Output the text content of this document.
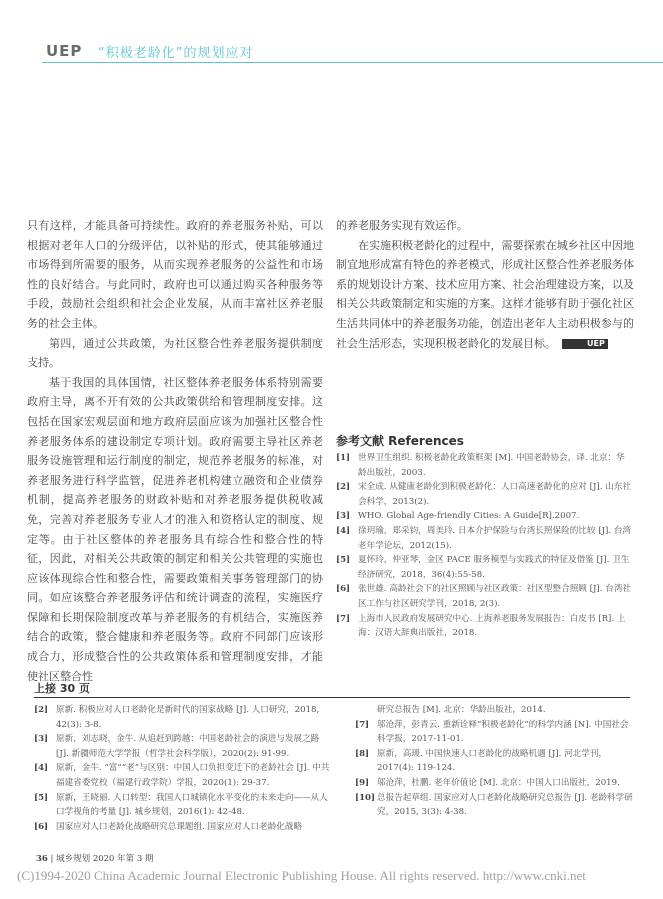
UEP “积极老龄化”的规划应对

只有这样，才能具备可持续性。政府的养老服务补贴，可以根据对老年人口的分级评估，以补贴的形式，使其能够通过市场得到所需要的服务，从而实现养老服务的公益性和市场性的良好结合。与此同时，政府也可以通过购买各种服务等手段，鼓励社会组织和社会企业发展，从而丰富社区养老服务的社会主体。

第四，通过公共政策，为社区整合性养老服务提供制度支持。

基于我国的具体国情，社区整体养老服务体系特别需要政府主导，离不开有效的公共政策供给和管理制度安排。这包括在国家宏观层面和地方政府层面应该为加强社区整合性养老服务体系的建设制定专项计划。政府需要主导社区养老服务设施管理和运行制度的制定，规范养老服务的标准，对养老服务进行科学监管，促进养老机构建立融资和企业债券机制，提高养老服务的财政补贴和对养老服务提供税收减免，完善对养老服务专业人才的准入和资格认定的制度、规定等。由于社区整体的养老服务具有综合性和整合性的特征，因此，对相关公共政策的制定和相关公共管理的实施也应该体现综合性和整合性，需要政策相关事务管理部门的协同。如应该整合养老服务评估和统计调查的流程，实施医疗保障和长期保险制度改革与养老服务的有机结合，实施医养结合的政策，整合健康和养老服务等。政府不同部门应该形成合力，形成整合性的公共政策体系和管理制度安排，才能使社区整合性

的养老服务实现有效运作。

在实施积极老龄化的过程中，需要探索在城乡社区中因地制宜地形成富有特色的养老模式，形成社区整合性养老服务体系的规划设计方案、技术应用方案、社会治理建设方案，以及相关公共政策制定和实施的方案。这样才能够有助于强化社区生活共同体中的养老服务功能，创造出老年人主动积极参与的社会生活形态，实现积极老龄化的发展目标。	UEP

参考文献 References
[1] 世界卫生组织. 积极老龄化政策框架 [M]. 中国老龄协会，译. 北京：华龄出版社，2003.
[2] 宋全成. 从健康老龄化到积极老龄化：人口高速老龄化的应对 [J]. 山东社会科学，2013(2).
[3] WHO. Global Age-friendly Cities: A Guide[R].2007.
[4] 徐玥瑜，郑采钧，周美玲. 日本介护保险与台湾长照保险的比较 [J]. 台湾老年学论坛，2012(15).
[5] 夏怀玲，仲亚琴，金区 PACE 服务模型与实践式的特征及借鉴 [J]. 卫生经济研究，2018，36(4):55-58.
[6] 张世雄. 高龄社会下的社区照顾与社区政策：社区型整合照顾 [J]. 台湾社区工作与社区研究学刊，2018, 2(3).
[7] 上海市人民政府发展研究中心. 上海养老服务发展报告：白皮书 [R]. 上海：汉语大辞典出版社，2018.
上接 30 页
[2] 原新. 积极应对人口老龄化是新时代的国家战略 [J]. 人口研究，2018, 42(3): 3-8.
[3] 原新，刘志晓，金牛. 从追赶到跨越：中国老龄社会的演进与发展之路 [J]. 新疆师范大学学报（哲学社会科学版），2020(2): 91-99.
[4] 原新，金牛. “富”“老”与区别：中国人口负担变迁下的老龄社会 [J]. 中共福建省委党校（福建行政学院）学报，2020(1): 29-37.
[5] 原新，王晓丽. 人口转型：我国人口城镇化水平变化的未来走向——从人口学视角的考量 [J]. 城乡规划，2016(1): 42-48.
[6] 国家应对人口老龄化战略研究总课题组. 国家应对人口老龄化战略
研究总报告 [M]. 北京：华龄出版社，2014.
[7] 邬沧萍，彭青云. 重新诠释“积极老龄化”的科学内涵 [N]. 中国社会科学报，2017-11-01.
[8] 原新，高瑗. 中国快速人口老龄化的战略机遇 [J]. 河北学刊，2017(4): 119-124.
[9] 邬沧萍，杜鹏. 老年价值论 [M]. 北京：中国人口出版社，2019.
[10] 总报告起草组. 国家应对人口老龄化战略研究总报告 [J]. 老龄科学研究，2015, 3(3): 4-38.
36 | 城乡规划 2020 年第 3 期
(C)1994-2020 China Academic Journal Electronic Publishing House. All rights reserved. http://www.cnki.net
